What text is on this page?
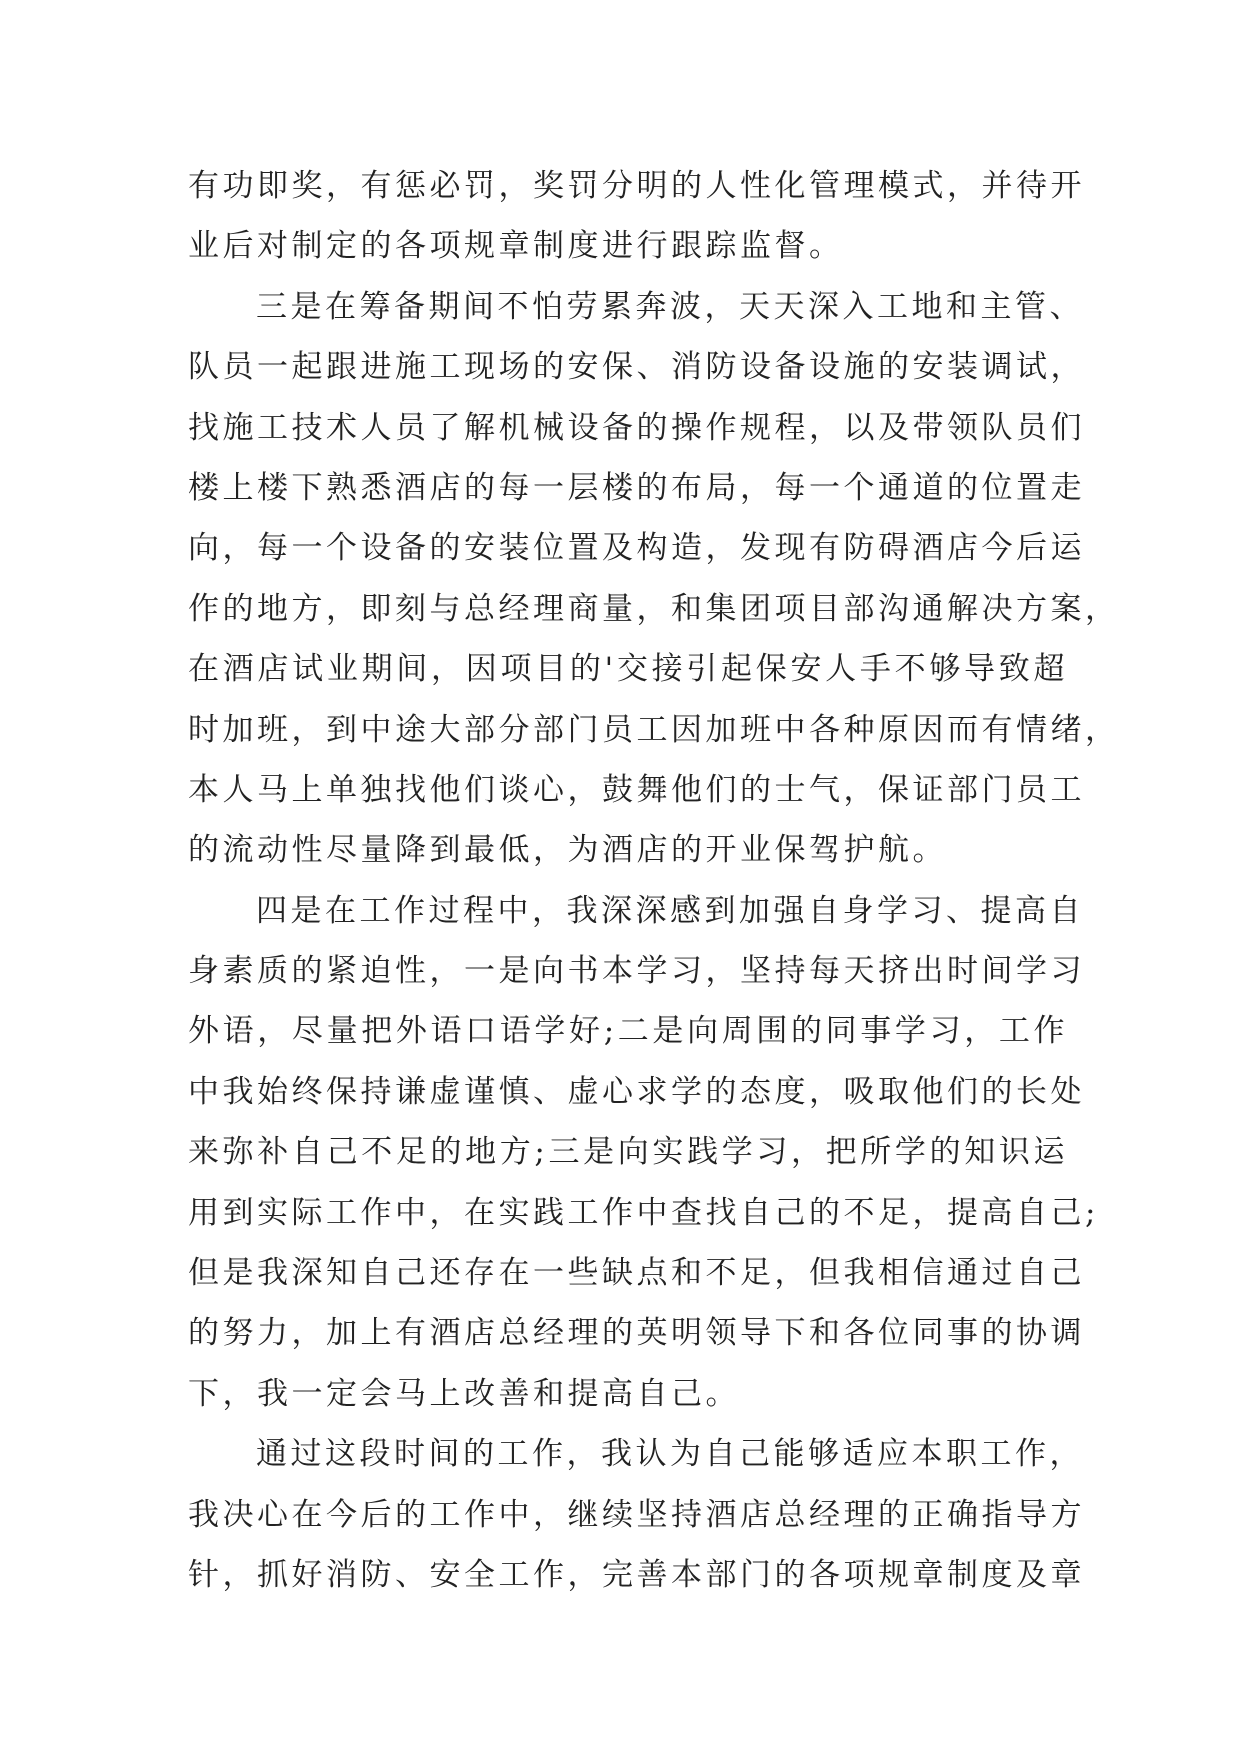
有功即奖，有惩必罚，奖罚分明的人性化管理模式，并待开
业后对制定的各项规章制度进行跟踪监督。
三是在筹备期间不怕劳累奔波，天天深入工地和主管、
队员一起跟进施工现场的安保、消防设备设施的安装调试，
找施工技术人员了解机械设备的操作规程，以及带领队员们
楼上楼下熟悉酒店的每一层楼的布局，每一个通道的位置走
向，每一个设备的安装位置及构造，发现有防碍酒店今后运
作的地方，即刻与总经理商量，和集团项目部沟通解决方案，
在酒店试业期间，因项目的'交接引起保安人手不够导致超
时加班，到中途大部分部门员工因加班中各种原因而有情绪，
本人马上单独找他们谈心，鼓舞他们的士气，保证部门员工
的流动性尽量降到最低，为酒店的开业保驾护航。
四是在工作过程中，我深深感到加强自身学习、提高自
身素质的紧迫性，一是向书本学习，坚持每天挤出时间学习
外语，尽量把外语口语学好;二是向周围的同事学习，工作
中我始终保持谦虚谨慎、虚心求学的态度，吸取他们的长处
来弥补自己不足的地方;三是向实践学习，把所学的知识运
用到实际工作中，在实践工作中查找自己的不足，提高自己;
但是我深知自己还存在一些缺点和不足，但我相信通过自己
的努力，加上有酒店总经理的英明领导下和各位同事的协调
下，我一定会马上改善和提高自己。
通过这段时间的工作，我认为自己能够适应本职工作，
我决心在今后的工作中，继续坚持酒店总经理的正确指导方
针，抓好消防、安全工作，完善本部门的各项规章制度及章
